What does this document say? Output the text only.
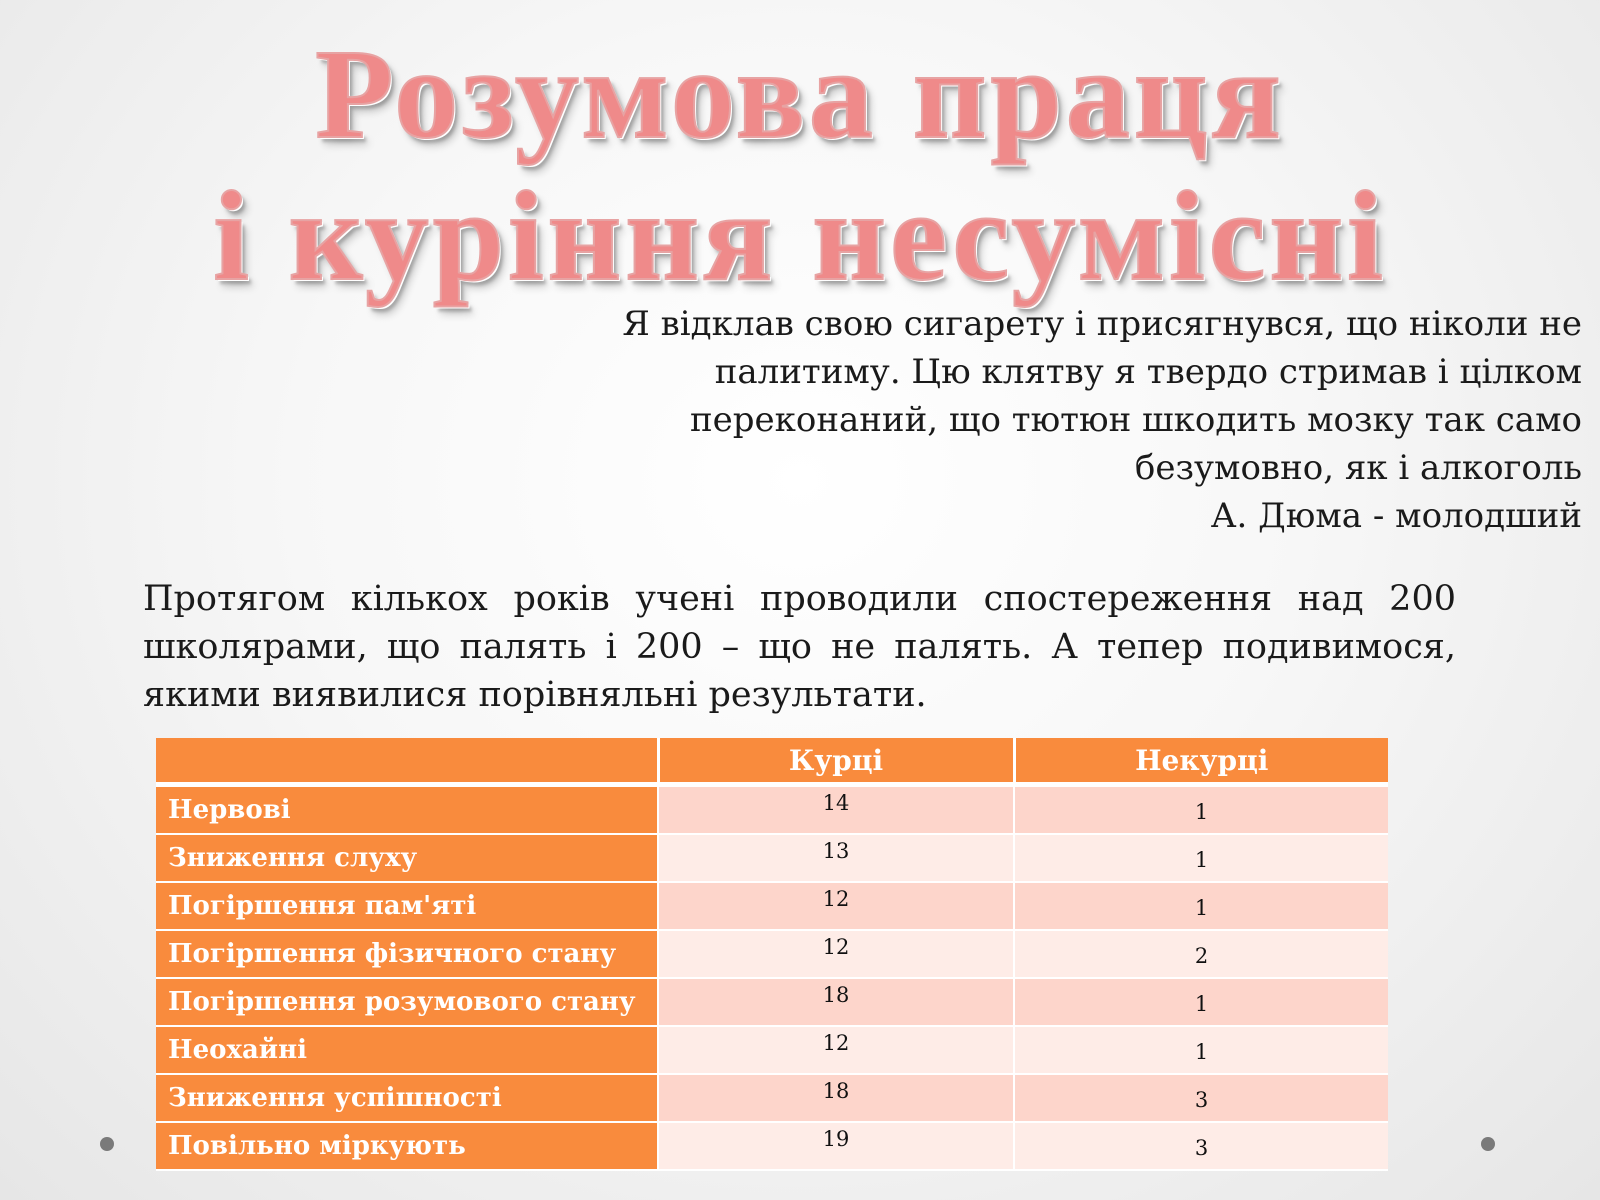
Розумова праця
і куріння несумісні

Я відклав свою сигарету і присягнувся, що ніколи не

палитиму. Цю клятву я твердо стримав і цілком

переконаний, що тютюн шкодить мозку так само

безумовно, як і алкоголь

А. Дюма - молодший

Протягом кількох років учені проводили спостереження над 200 школярами, що палять і 200 – що не палять. А тепер подивимося, якими виявилися порівняльні результати.

	Курці	Некурці
Нервові	14	1
Зниження слуху	13	1
Погіршення пам'яті	12	1
Погіршення фізичного стану	12	2
Погіршення розумового стану	18	1
Неохайні	12	1
Зниження успішності	18	3
Повільно міркують	19	3
